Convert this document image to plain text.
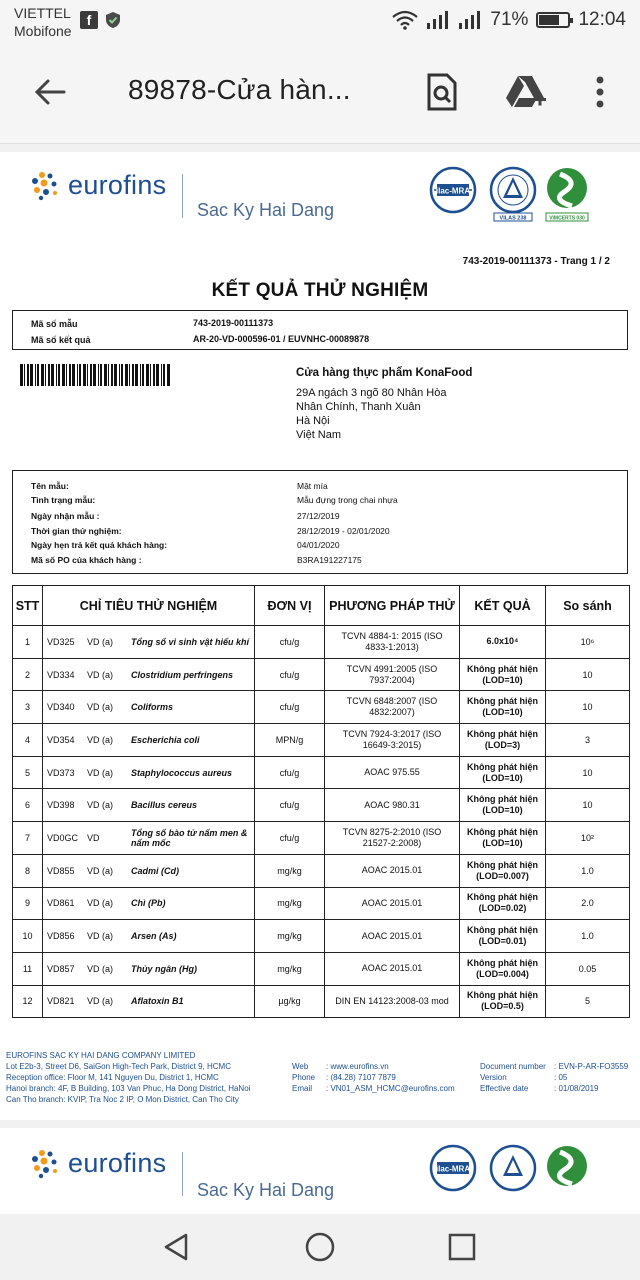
VIETTEL
Mobifone
f	71%	12:04
89878-Cửa hàn...
eurofins
Sac Ky Hai Dang
ilac-MRA
VILAS 238	VIMCERTS 030
743-2019-00111373 - Trang 1 / 2
KẾT QUẢ THỬ NGHIỆM
Mã số mẫu	743-2019-00111373
Mã số kết quả	AR-20-VD-000596-01 / EUVNHC-00089878
Cửa hàng thực phẩm KonaFood
29A ngách 3 ngõ 80 Nhân Hòa
Nhân Chính, Thanh Xuân
Hà Nội
Việt Nam
Tên mẫu:	Mật mía
Tình trạng mẫu:	Mẫu đựng trong chai nhựa
Ngày nhận mẫu :	27/12/2019
Thời gian thử nghiệm:	28/12/2019 - 02/01/2020
Ngày hẹn trả kết quả khách hàng:	04/01/2020
Mã số PO của khách hàng :	B3RA191227175
STT	CHỈ TIÊU THỬ NGHIỆM	ĐƠN VỊ	PHƯƠNG PHÁP THỬ	KẾT QUẢ	So sánh
1	VD325 VD (a) Tổng số vi sinh vật hiếu khí	cfu/g	TCVN 4884-1: 2015 (ISO 4833-1:2013)	6.0x10⁴	10⁶
2	VD334 VD (a) Clostridium perfringens	cfu/g	TCVN 4991:2005 (ISO 7937:2004)	Không phát hiện (LOD=10)	10
3	VD340 VD (a) Coliforms	cfu/g	TCVN 6848:2007 (ISO 4832:2007)	Không phát hiện (LOD=10)	10
4	VD354 VD (a) Escherichia coli	MPN/g	TCVN 7924-3:2017 (ISO 16649-3:2015)	Không phát hiện (LOD=3)	3
5	VD373 VD (a) Staphylococcus aureus	cfu/g	AOAC 975.55	Không phát hiện (LOD=10)	10
6	VD398 VD (a) Bacillus cereus	cfu/g	AOAC 980.31	Không phát hiện (LOD=10)	10
7	VD0GC VD Tổng số bào tử nấm men & nấm mốc	cfu/g	TCVN 8275-2:2010 (ISO 21527-2:2008)	Không phát hiện (LOD=10)	10²
8	VD855 VD (a) Cadmi (Cd)	mg/kg	AOAC 2015.01	Không phát hiện (LOD=0.007)	1.0
9	VD861 VD (a) Chì (Pb)	mg/kg	AOAC 2015.01	Không phát hiện (LOD=0.02)	2.0
10	VD856 VD (a) Arsen (As)	mg/kg	AOAC 2015.01	Không phát hiện (LOD=0.01)	1.0
11	VD857 VD (a) Thủy ngân (Hg)	mg/kg	AOAC 2015.01	Không phát hiện (LOD=0.004)	0.05
12	VD821 VD (a) Aflatoxin B1	µg/kg	DIN EN 14123:2008-03 mod	Không phát hiện (LOD=0.5)	5
EUROFINS SAC KY HAI DANG COMPANY LIMITED
Lot E2b-3, Street D6, SaiGon High-Tech Park, District 9, HCMC
Reception office: Floor M, 141 Nguyen Du, District 1, HCMC
Hanoi branch: 4F, B Building, 103 Van Phuc, Ha Dong District, HaNoi
Can Tho branch: KVIP, Tra Noc 2 IP, O Mon District, Can Tho City
Web
Phone
Email
: www.eurofins.vn
: (84.28) 7107 7879
: VN01_ASM_HCMC@eurofins.com
Document number
Version
Effective date
: EVN-P-AR-FO3559
: 05
: 01/08/2019
eurofins
Sac Ky Hai Dang
ilac-MRA
